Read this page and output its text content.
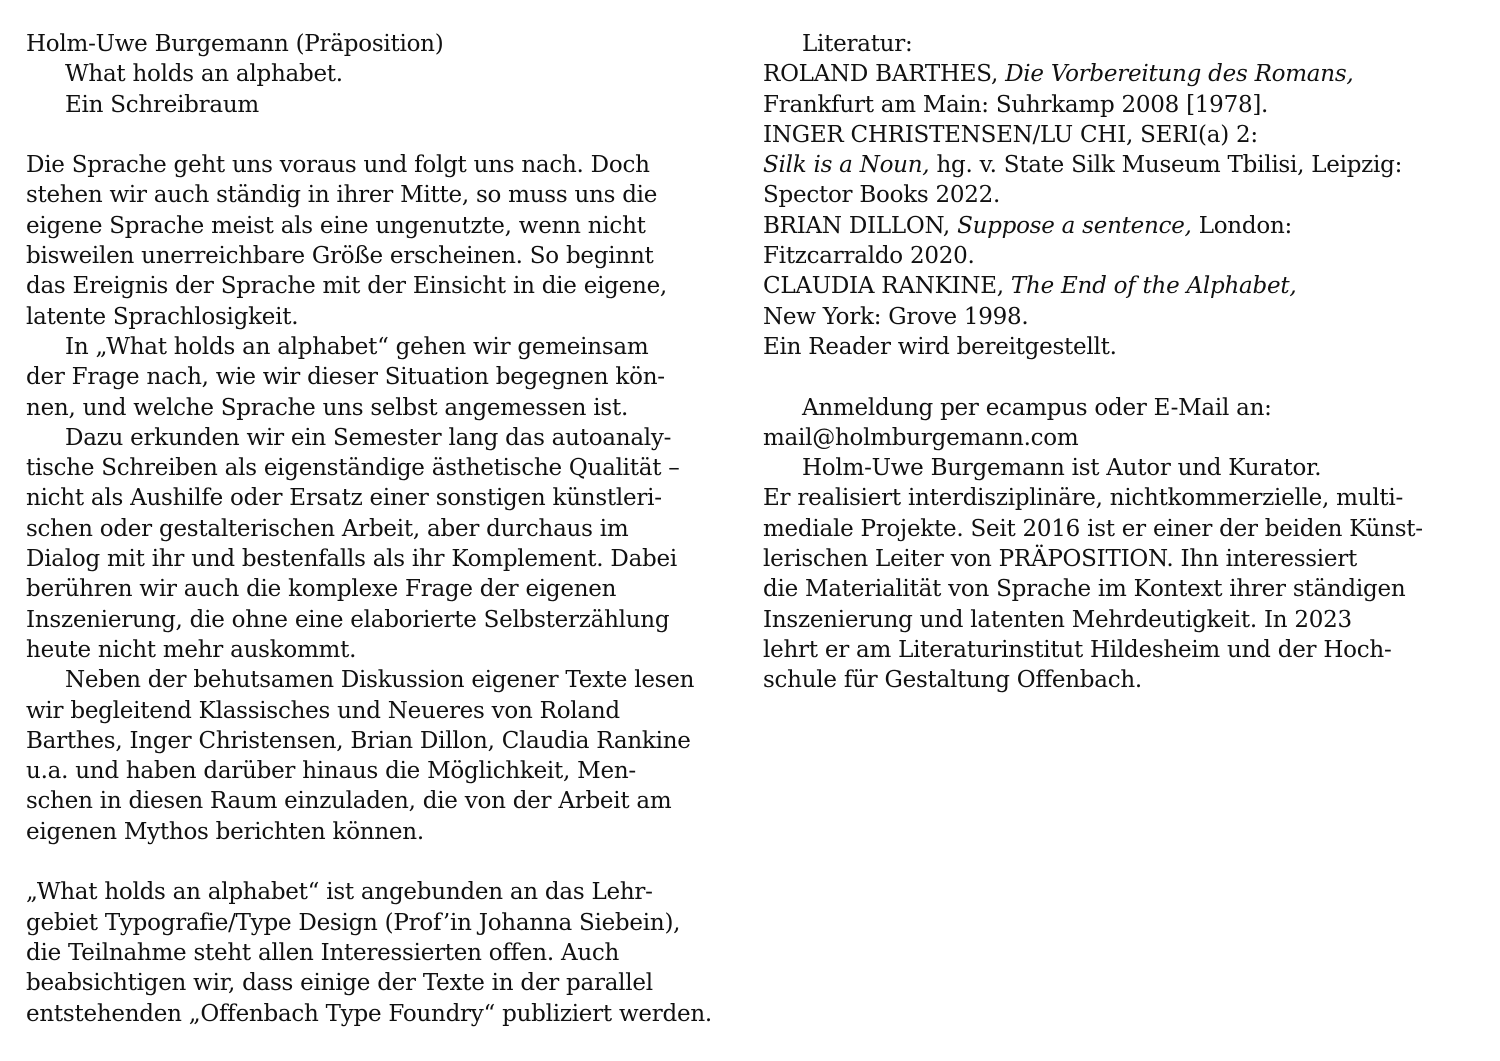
Holm-Uwe Burgemann (Präposition)
What holds an alphabet.
Ein Schreibraum
Die Sprache geht uns voraus und folgt uns nach. Doch
stehen wir auch ständig in ihrer Mitte, so muss uns die
eigene Sprache meist als eine ungenutzte, wenn nicht
bisweilen unerreichbare Größe erscheinen. So beginnt
das Ereignis der Sprache mit der Einsicht in die eigene,
latente Sprachlosigkeit.
In „What holds an alphabet“ gehen wir gemeinsam
der Frage nach, wie wir dieser Situation begegnen kön-
nen, und welche Sprache uns selbst angemessen ist.
Dazu erkunden wir ein Semester lang das autoanaly-
tische Schreiben als eigenständige ästhetische Qualität –
nicht als Aushilfe oder Ersatz einer sonstigen künstleri-
schen oder gestalterischen Arbeit, aber durchaus im
Dialog mit ihr und bestenfalls als ihr Komplement. Dabei
berühren wir auch die komplexe Frage der eigenen
Inszenierung, die ohne eine elaborierte Selbsterzählung
heute nicht mehr auskommt.
Neben der behutsamen Diskussion eigener Texte lesen
wir begleitend Klassisches und Neueres von Roland
Barthes, Inger Christensen, Brian Dillon, Claudia Rankine
u.a. und haben darüber hinaus die Möglichkeit, Men-
schen in diesen Raum einzuladen, die von der Arbeit am
eigenen Mythos berichten können.
„What holds an alphabet“ ist angebunden an das Lehr-
gebiet Typografie/Type Design (Prof’in Johanna Siebein),
die Teilnahme steht allen Interessierten offen. Auch
beabsichtigen wir, dass einige der Texte in der parallel
entstehenden „Offenbach Type Foundry“ publiziert werden.
Literatur:
ROLAND BARTHES, Die Vorbereitung des Romans,
Frankfurt am Main: Suhrkamp 2008 [1978].
INGER CHRISTENSEN/LU CHI, SERI(a) 2:
Silk is a Noun, hg. v. State Silk Museum Tbilisi, Leipzig:
Spector Books 2022.
BRIAN DILLON, Suppose a sentence, London:
Fitzcarraldo 2020.
CLAUDIA RANKINE, The End of the Alphabet,
New York: Grove 1998.
Ein Reader wird bereitgestellt.
Anmeldung per ecampus oder E-Mail an:
mail@holmburgemann.com
Holm-Uwe Burgemann ist Autor und Kurator.
Er realisiert interdisziplinäre, nichtkommerzielle, multi-
mediale Projekte. Seit 2016 ist er einer der beiden Künst-
lerischen Leiter von PRÄPOSITION. Ihn interessiert
die Materialität von Sprache im Kontext ihrer ständigen
Inszenierung und latenten Mehrdeutigkeit. In 2023
lehrt er am Literaturinstitut Hildesheim und der Hoch-
schule für Gestaltung Offenbach.
